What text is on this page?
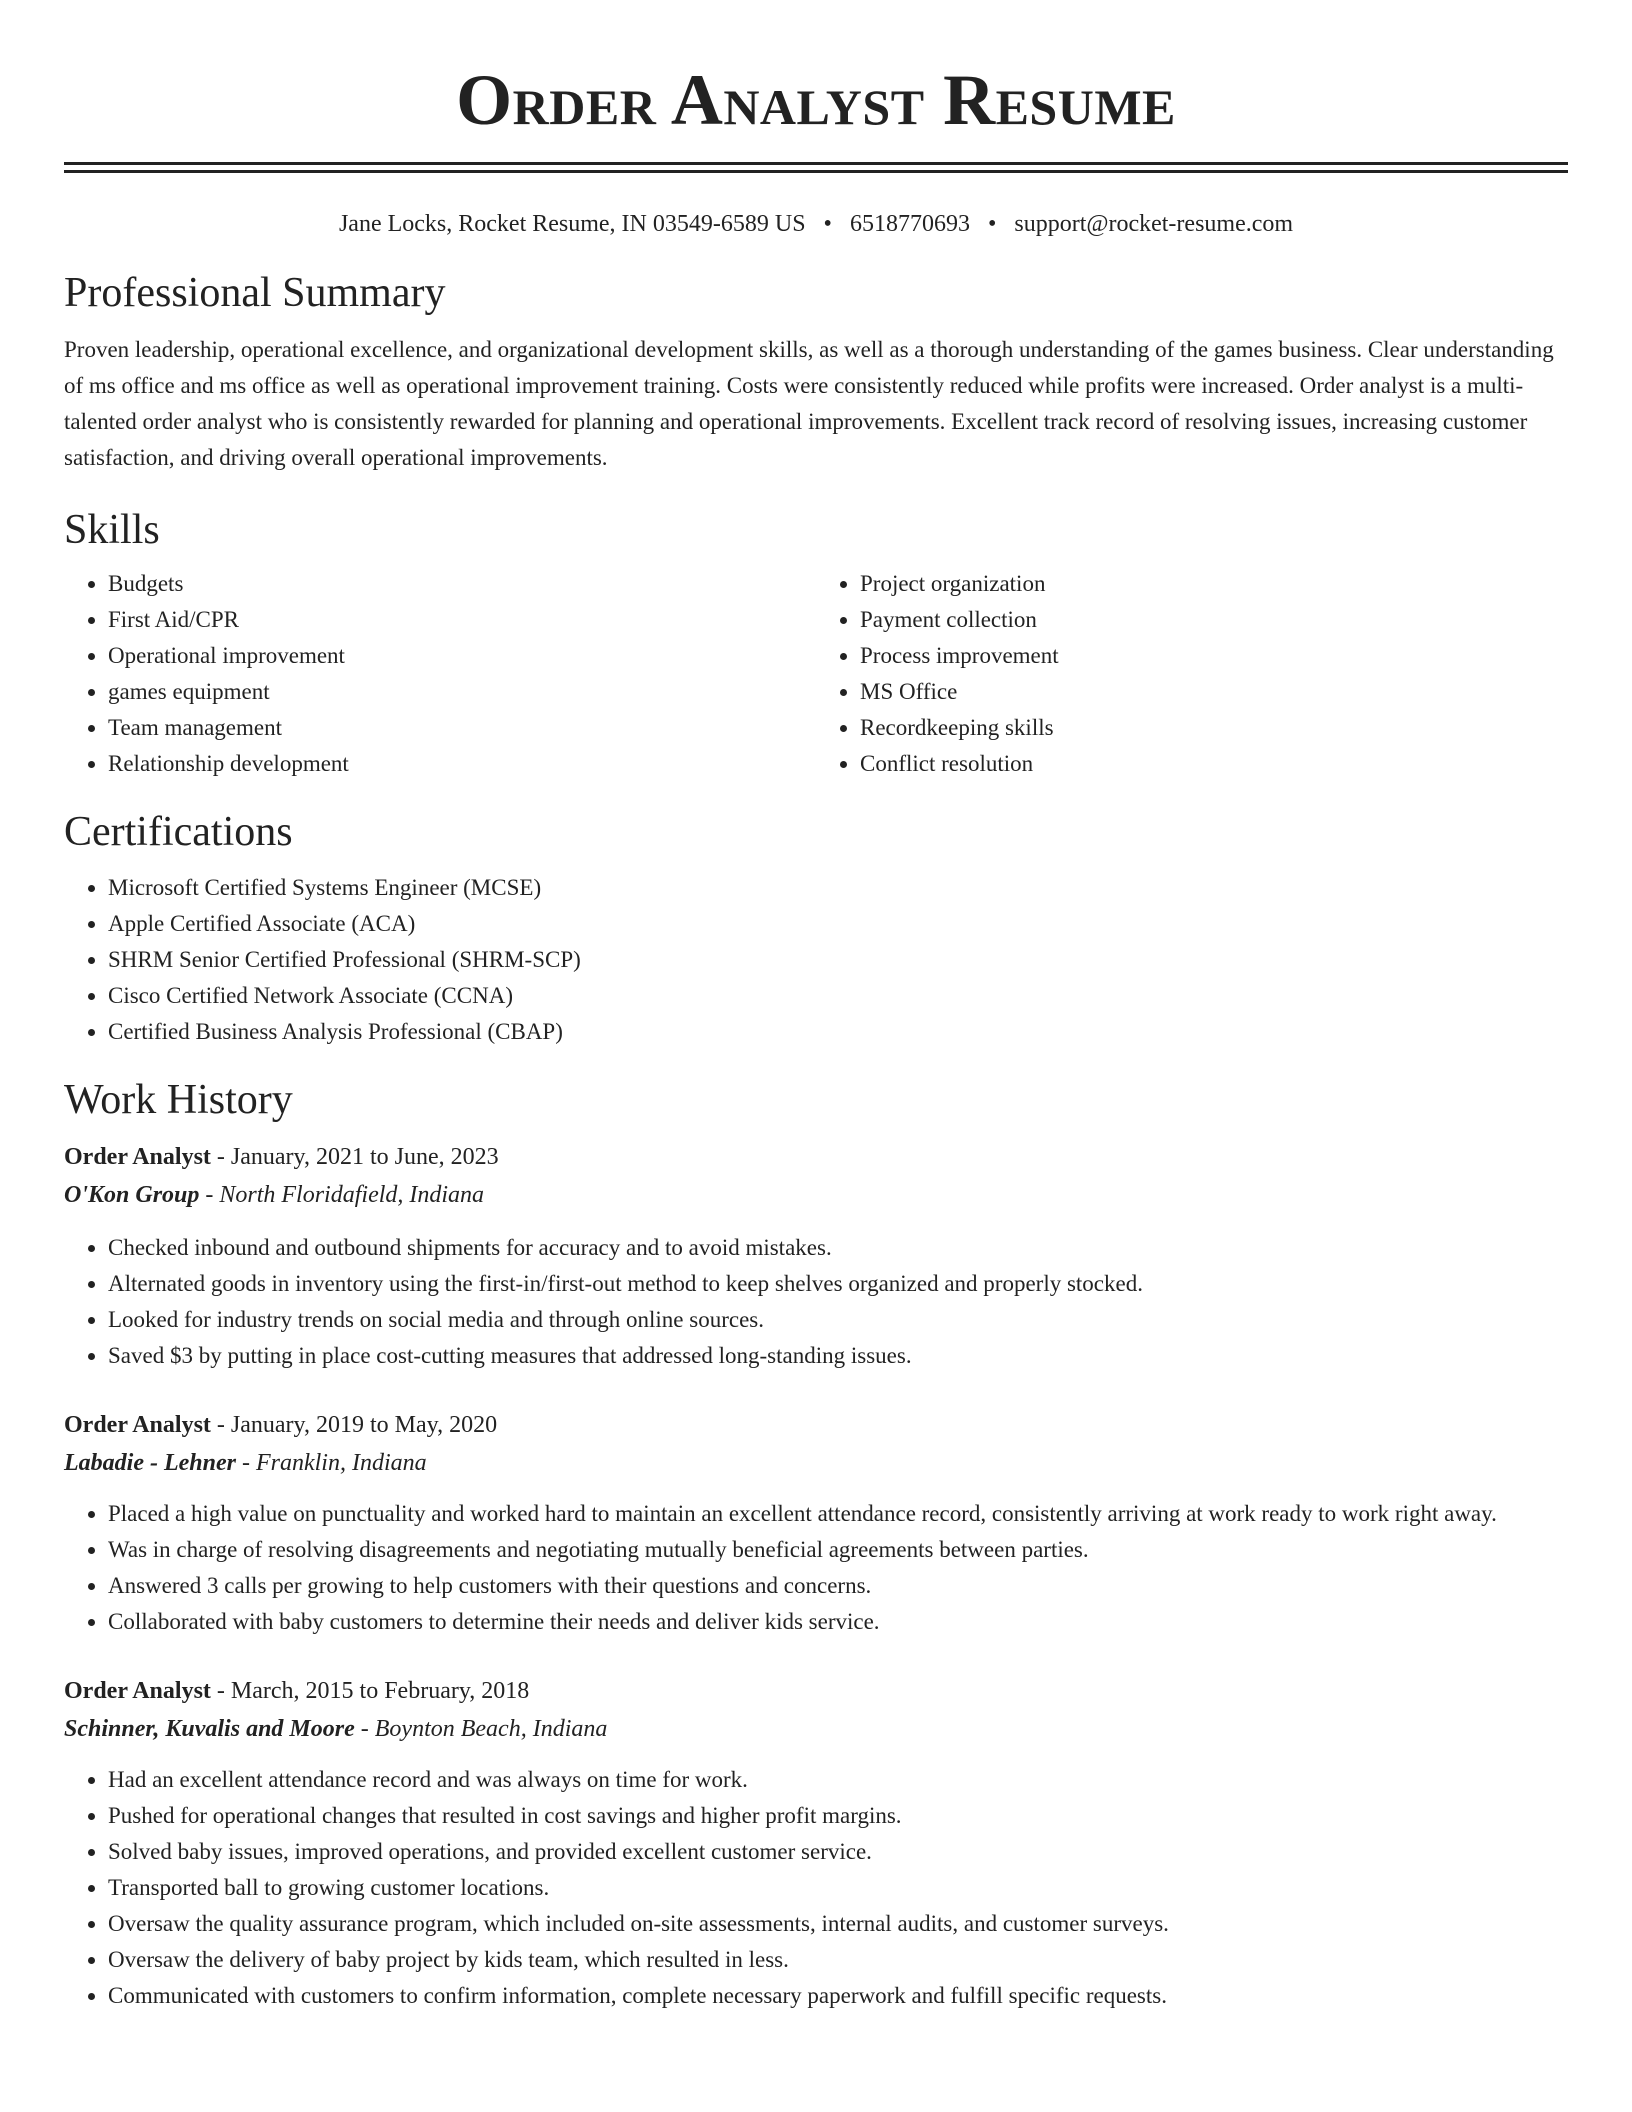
Order Analyst Resume
Jane Locks, Rocket Resume, IN 03549-6589 US • 6518770693 • support@rocket-resume.com
Professional Summary

Proven leadership, operational excellence, and organizational development skills, as well as a thorough understanding of the games business. Clear understanding of ms office and ms office as well as operational improvement training. Costs were consistently reduced while profits were increased. Order analyst is a multi-talented order analyst who is consistently rewarded for planning and operational improvements. Excellent track record of resolving issues, increasing customer satisfaction, and driving overall operational improvements.

Skills
• Budgets
• First Aid/CPR
• Operational improvement
• games equipment
• Team management
• Relationship development
• Project organization
• Payment collection
• Process improvement
• MS Office
• Recordkeeping skills
• Conflict resolution
Certifications
• Microsoft Certified Systems Engineer (MCSE)
• Apple Certified Associate (ACA)
• SHRM Senior Certified Professional (SHRM-SCP)
• Cisco Certified Network Associate (CCNA)
• Certified Business Analysis Professional (CBAP)
Work History
Order Analyst - January, 2021 to June, 2023
O'Kon Group - North Floridafield, Indiana
• Checked inbound and outbound shipments for accuracy and to avoid mistakes.
• Alternated goods in inventory using the first-in/first-out method to keep shelves organized and properly stocked.
• Looked for industry trends on social media and through online sources.
• Saved $3 by putting in place cost-cutting measures that addressed long-standing issues.
Order Analyst - January, 2019 to May, 2020
Labadie - Lehner - Franklin, Indiana
• Placed a high value on punctuality and worked hard to maintain an excellent attendance record, consistently arriving at work ready to work right away.
• Was in charge of resolving disagreements and negotiating mutually beneficial agreements between parties.
• Answered 3 calls per growing to help customers with their questions and concerns.
• Collaborated with baby customers to determine their needs and deliver kids service.
Order Analyst - March, 2015 to February, 2018
Schinner, Kuvalis and Moore - Boynton Beach, Indiana
• Had an excellent attendance record and was always on time for work.
• Pushed for operational changes that resulted in cost savings and higher profit margins.
• Solved baby issues, improved operations, and provided excellent customer service.
• Transported ball to growing customer locations.
• Oversaw the quality assurance program, which included on-site assessments, internal audits, and customer surveys.
• Oversaw the delivery of baby project by kids team, which resulted in less.
• Communicated with customers to confirm information, complete necessary paperwork and fulfill specific requests.
